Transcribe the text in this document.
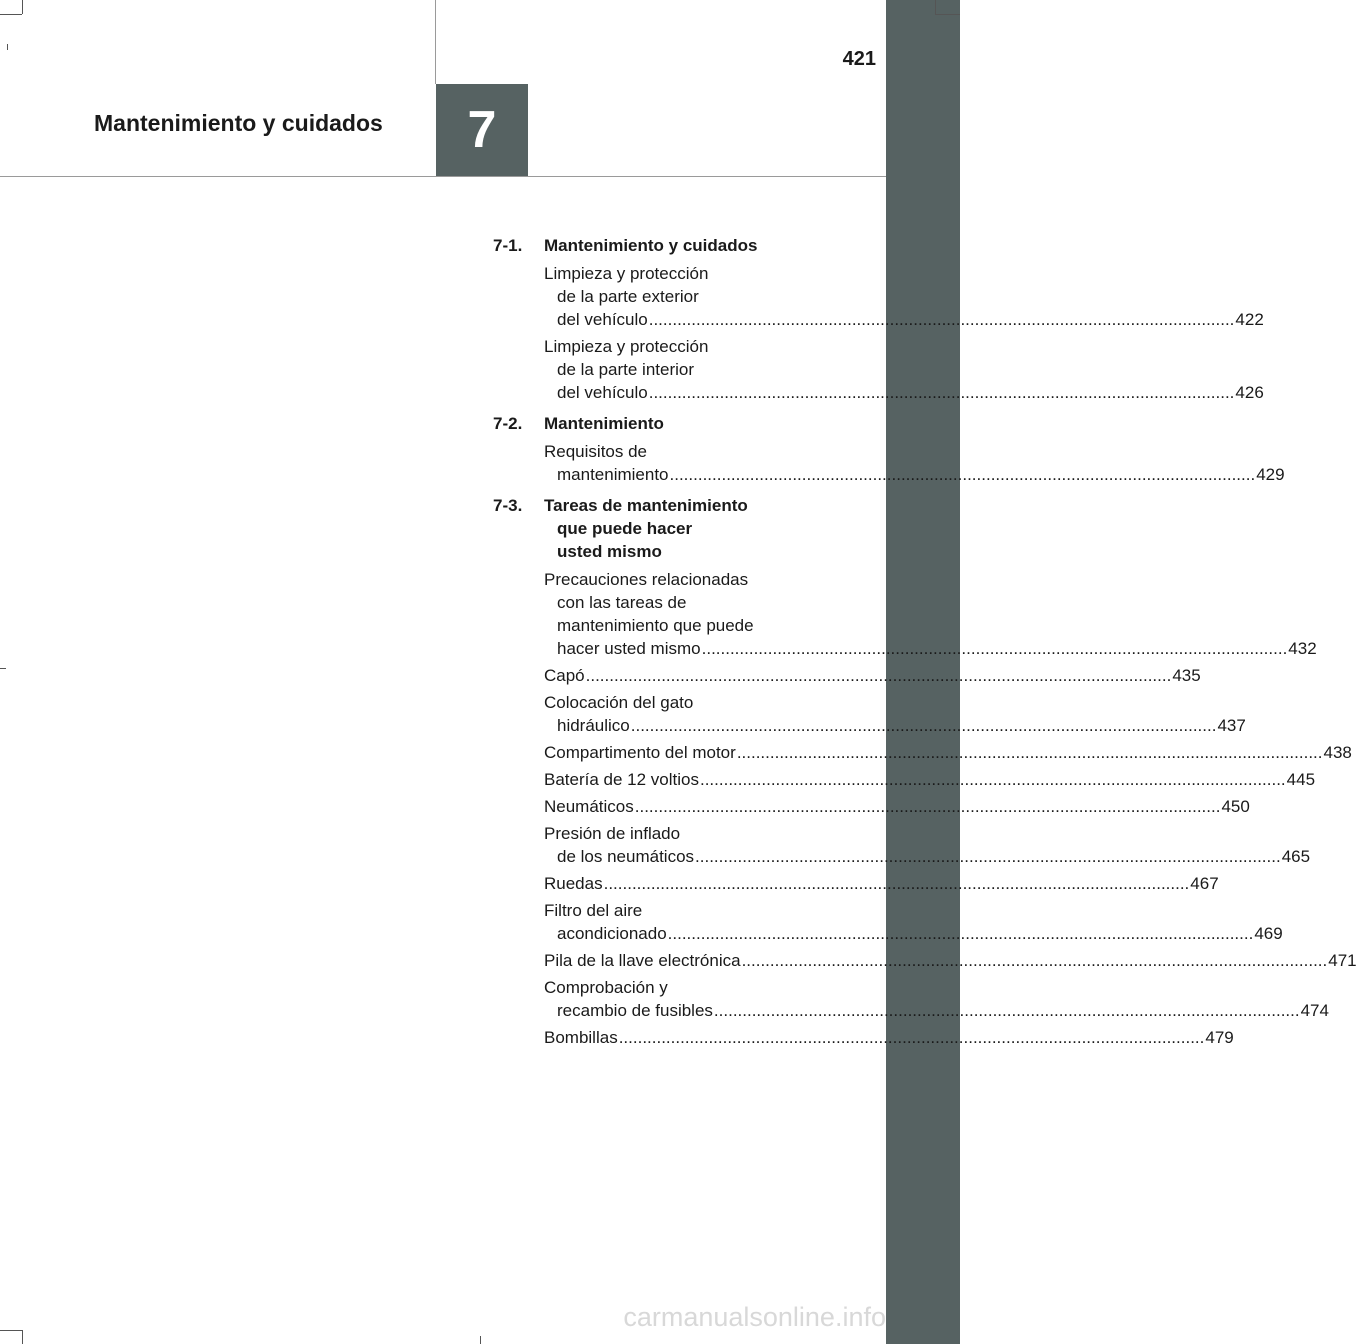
Mantenimiento y cuidados	7
421
7-1.	Mantenimiento y cuidados
Limpieza y protección
de la parte exterior
del vehículo .....	422
Limpieza y protección
de la parte interior
del vehículo .....	426
7-2.	Mantenimiento
Requisitos de
mantenimiento .....	429
7-3.	Tareas de mantenimiento
que puede hacer
usted mismo
Precauciones relacionadas
con las tareas de
mantenimiento que puede
hacer usted mismo .....	432
Capó .....	435
Colocación del gato
hidráulico .....	437
Compartimento del motor .....	438
Batería de 12 voltios .....	445
Neumáticos .....	450
Presión de inflado
de los neumáticos .....	465
Ruedas .....	467
Filtro del aire
acondicionado .....	469
Pila de la llave electrónica .....	471
Comprobación y
recambio de fusibles .....	474
Bombillas .....	479
carmanualsonline.info
